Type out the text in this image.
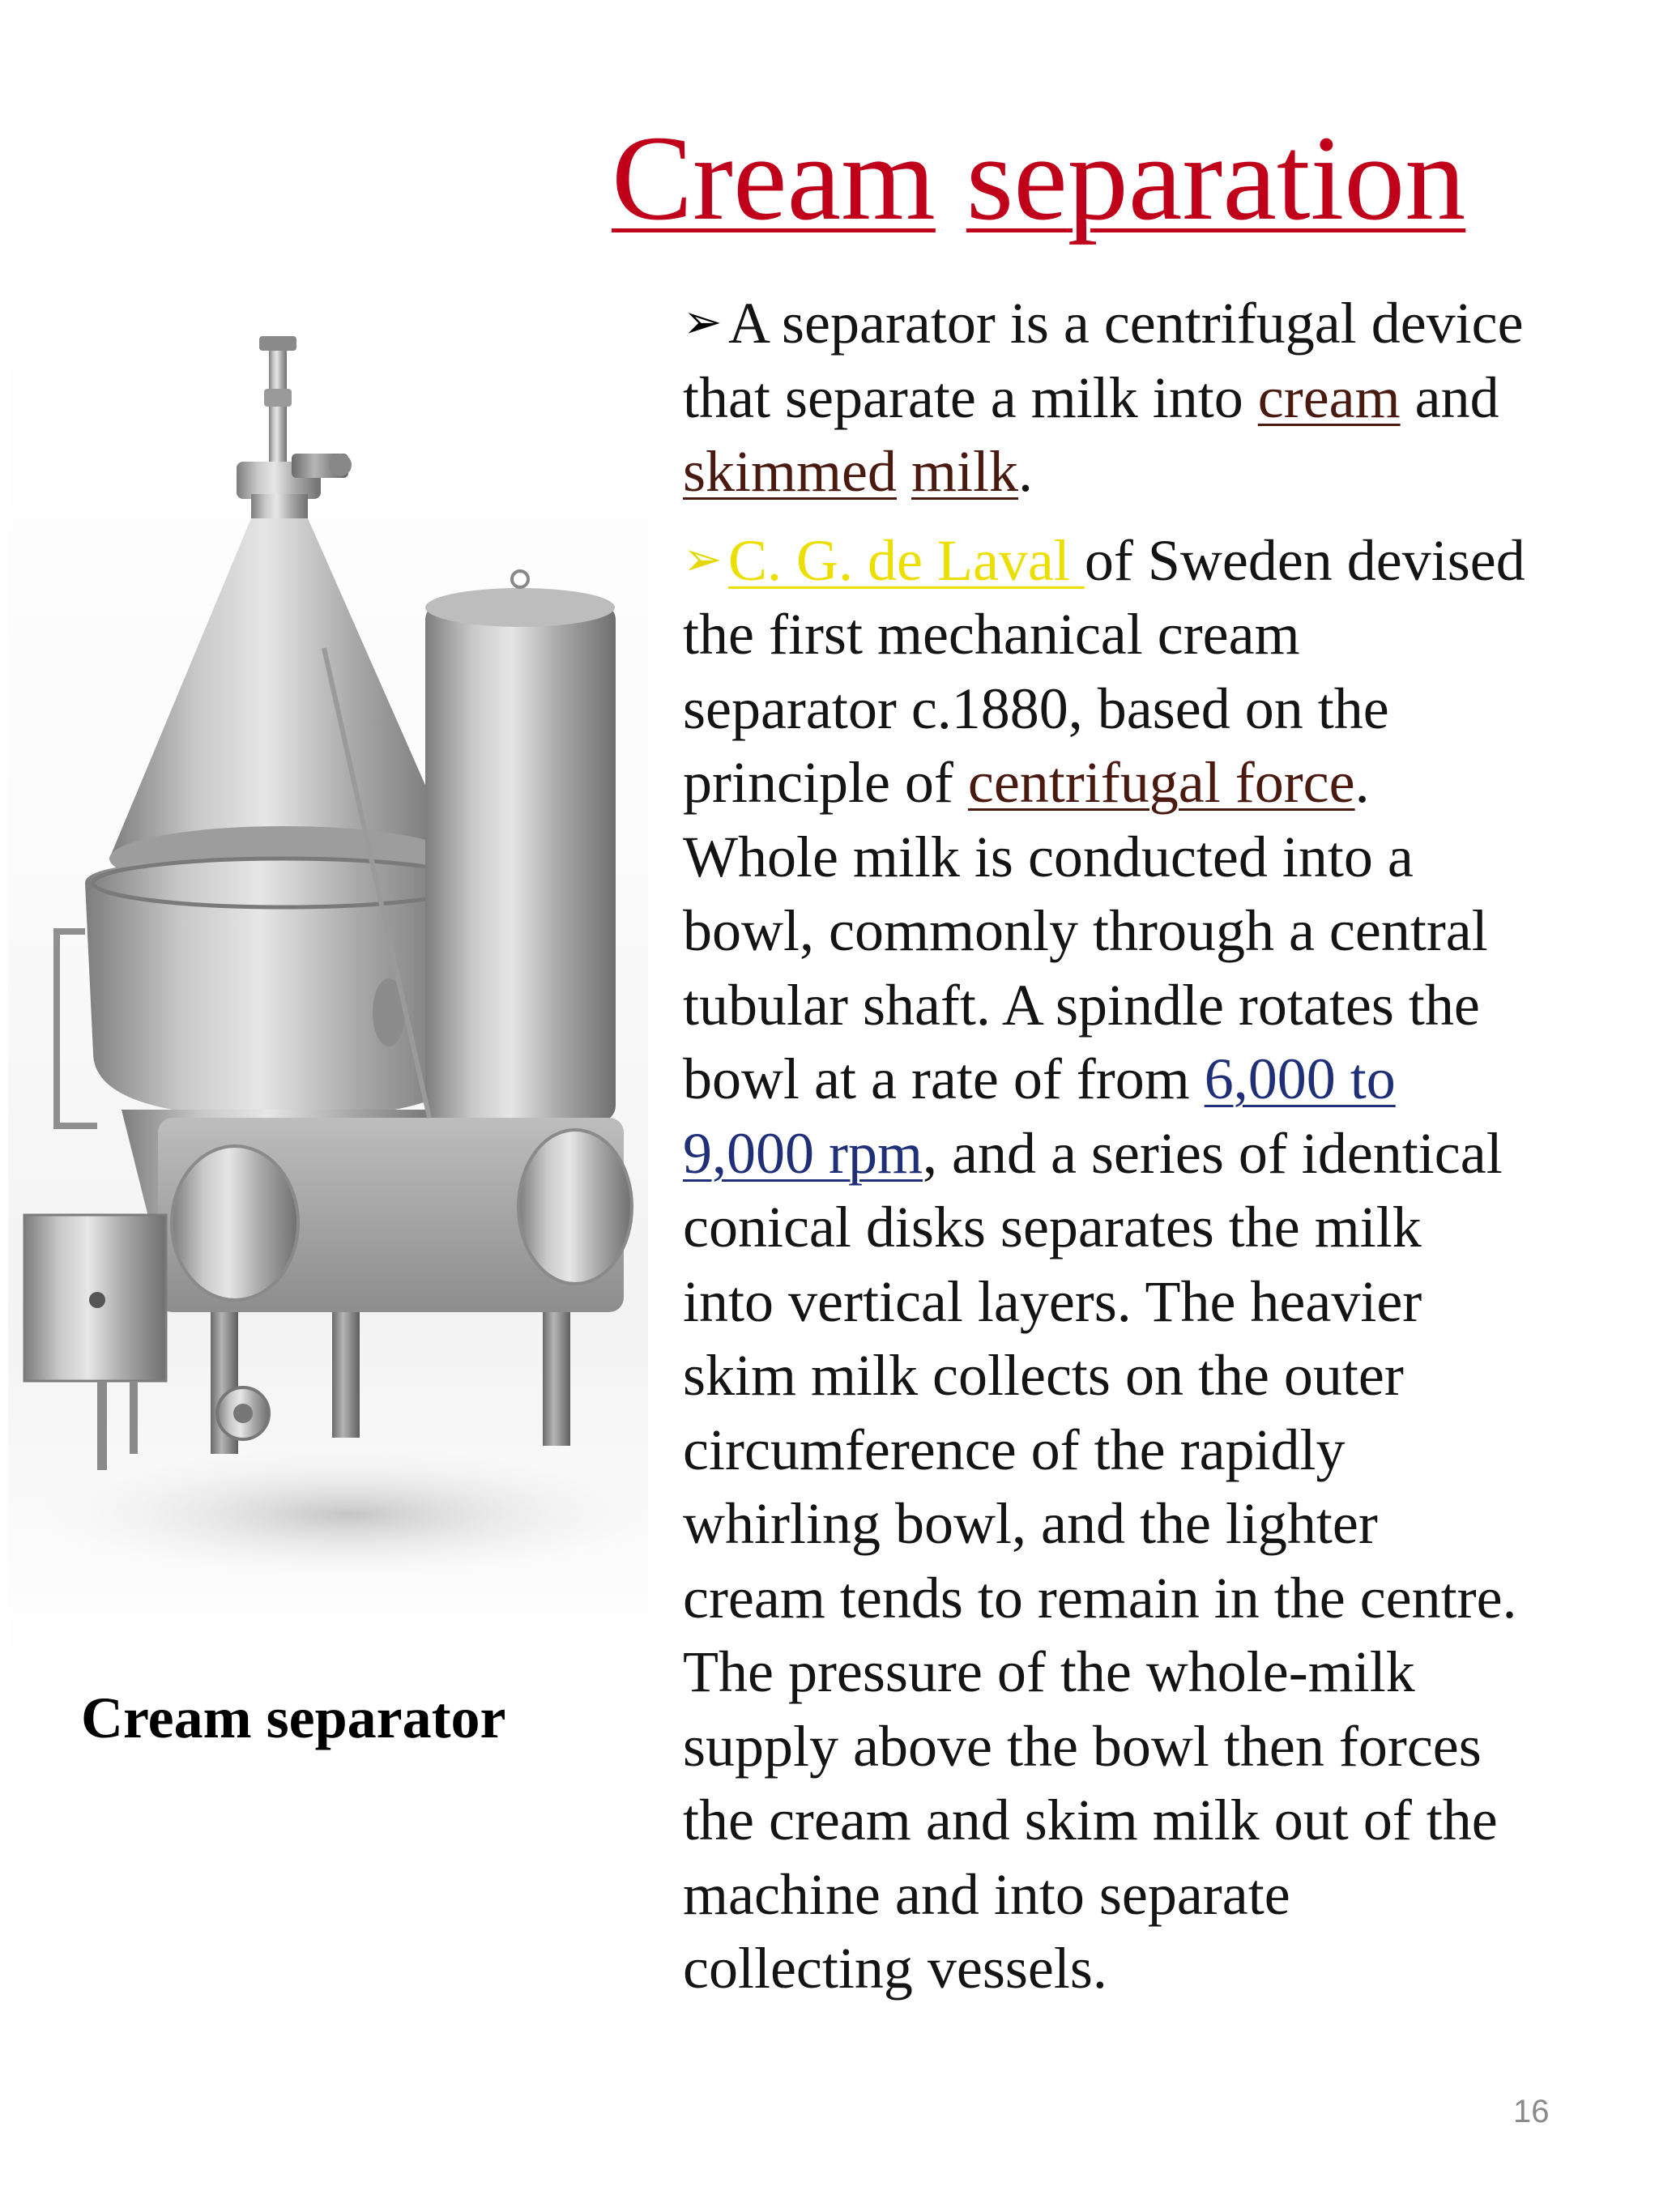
Cream separation
Cream separator

➢ A separator is a centrifugal device that separate a milk into cream and skimmed milk.

➢ C. G. de Laval of Sweden devised the first mechanical cream separator c.1880, based on the principle of centrifugal force. Whole milk is conducted into a bowl, commonly through a central tubular shaft. A spindle rotates the bowl at a rate of from 6,000 to 9,000 rpm, and a series of identical conical disks separates the milk into vertical layers. The heavier skim milk collects on the outer circumference of the rapidly whirling bowl, and the lighter cream tends to remain in the centre. The pressure of the whole-milk supply above the bowl then forces the cream and skim milk out of the machine and into separate collecting vessels.

16
